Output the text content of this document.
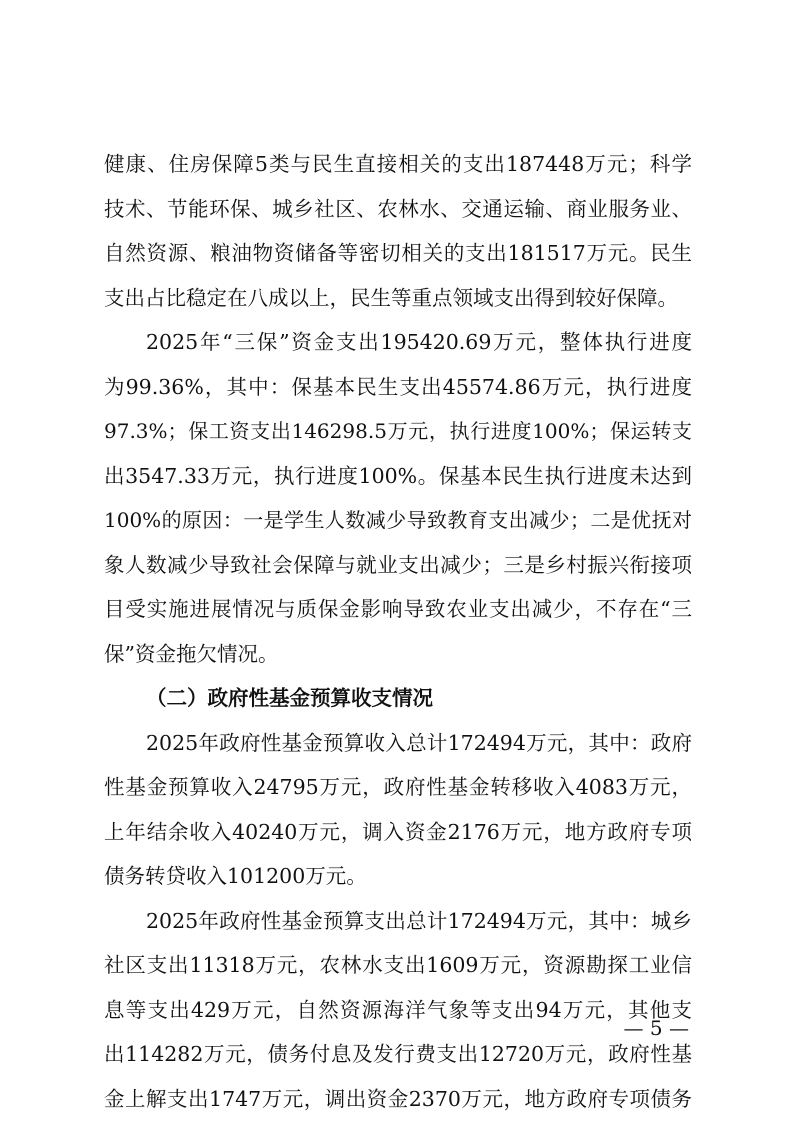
健康、住房保障5类与民生直接相关的支出187448万元；科学
技术、节能环保、城乡社区、农林水、交通运输、商业服务业、
自然资源、粮油物资储备等密切相关的支出181517万元。民生
支出占比稳定在八成以上，民生等重点领域支出得到较好保障。
2025年“三保”资金支出195420.69万元，整体执行进度
为99.36%，其中：保基本民生支出45574.86万元，执行进度
97.3%；保工资支出146298.5万元，执行进度100%；保运转支
出3547.33万元，执行进度100%。保基本民生执行进度未达到
100%的原因：一是学生人数减少导致教育支出减少；二是优抚对
象人数减少导致社会保障与就业支出减少；三是乡村振兴衔接项
目受实施进展情况与质保金影响导致农业支出减少，不存在“三
保”资金拖欠情况。
（二）政府性基金预算收支情况
2025年政府性基金预算收入总计172494万元，其中：政府
性基金预算收入24795万元，政府性基金转移收入4083万元，
上年结余收入40240万元，调入资金2176万元，地方政府专项
债务转贷收入101200万元。
2025年政府性基金预算支出总计172494万元，其中：城乡
社区支出11318万元，农林水支出1609万元，资源勘探工业信
息等支出429万元，自然资源海洋气象等支出94万元，其他支
出114282万元，债务付息及发行费支出12720万元，政府性基
金上解支出1747万元，调出资金2370万元，地方政府专项债务
— 5 —
